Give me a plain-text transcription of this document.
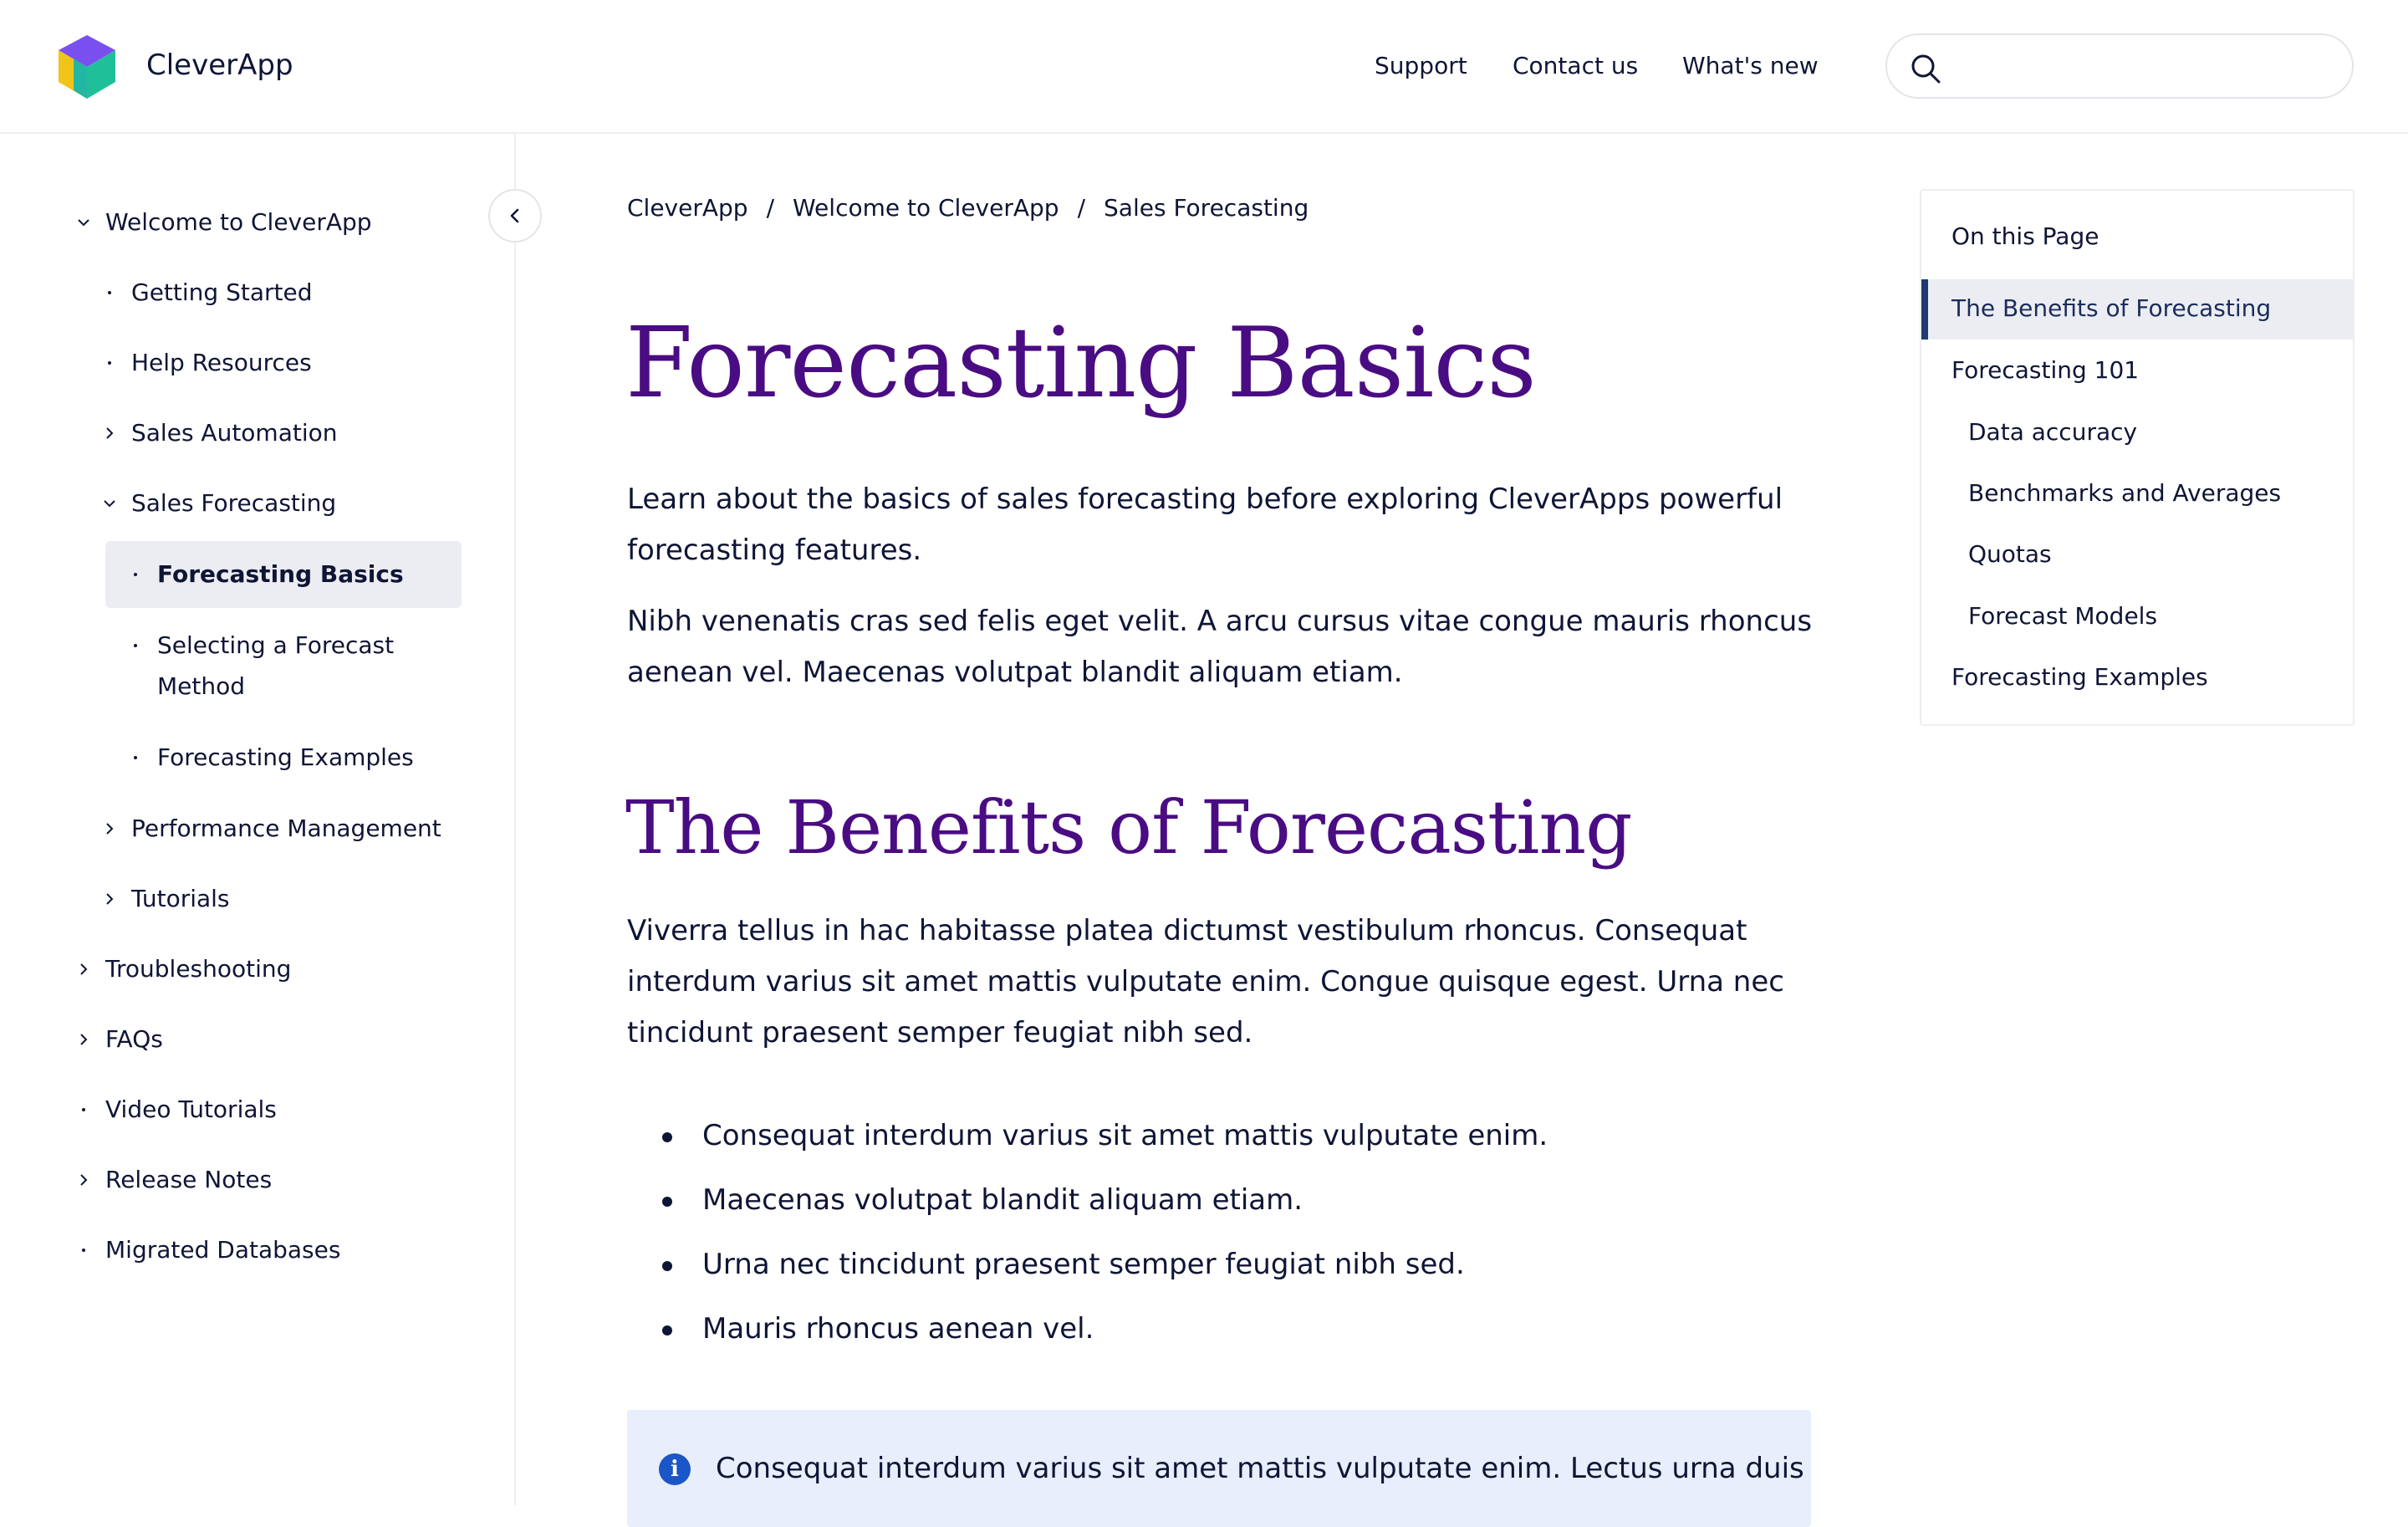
CleverApp	Support Contact us What's new
Welcome to CleverApp
Getting Started
Help Resources
Sales Automation
Sales Forecasting
Forecasting Basics
Selecting a Forecast
Method
Forecasting Examples
Performance Management
Tutorials
Troubleshooting
FAQs
Video Tutorials
Release Notes
Migrated Databases
CleverApp / Welcome to CleverApp / Sales Forecasting
Forecasting Basics
Learn about the basics of sales forecasting before exploring CleverApps powerful forecasting features.
Nibh venenatis cras sed felis eget velit. A arcu cursus vitae congue mauris rhoncus aenean vel. Maecenas volutpat blandit aliquam etiam.
The Benefits of Forecasting
Viverra tellus in hac habitasse platea dictumst vestibulum rhoncus. Consequat interdum varius sit amet mattis vulputate enim. Congue quisque egest. Urna nec tincidunt praesent semper feugiat nibh sed.
Consequat interdum varius sit amet mattis vulputate enim.
Maecenas volutpat blandit aliquam etiam.
Urna nec tincidunt praesent semper feugiat nibh sed.
Mauris rhoncus aenean vel.
i	Consequat interdum varius sit amet mattis vulputate enim. Lectus urna duis
On this Page
The Benefits of Forecasting
Forecasting 101
Data accuracy
Benchmarks and Averages
Quotas
Forecast Models
Forecasting Examples
